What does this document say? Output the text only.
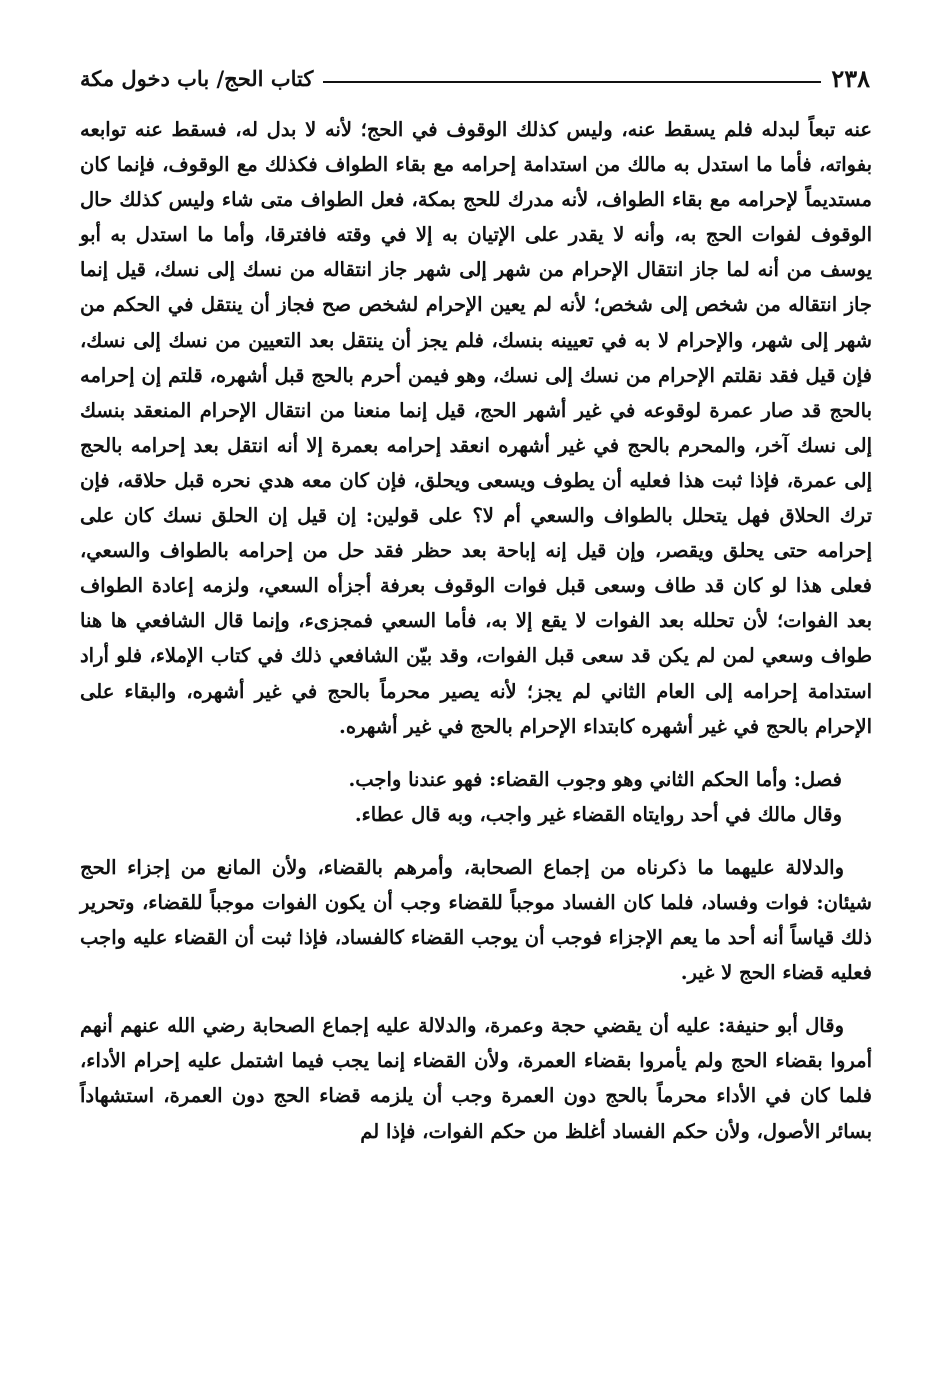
٢٣٨
كتاب الحج/ باب دخول مكة

عنه تبعاً لبدله فلم يسقط عنه، وليس كذلك الوقوف في الحج؛ لأنه لا بدل له، فسقط عنه توابعه بفواته، فأما ما استدل به مالك من استدامة إحرامه مع بقاء الطواف فكذلك مع الوقوف، فإنما كان مستديماً لإحرامه مع بقاء الطواف، لأنه مدرك للحج بمكة، فعل الطواف متى شاء وليس كذلك حال الوقوف لفوات الحج به، وأنه لا يقدر على الإتيان به إلا في وقته فافترقا، وأما ما استدل به أبو يوسف من أنه لما جاز انتقال الإحرام من شهر إلى شهر جاز انتقاله من نسك إلى نسك، قيل إنما جاز انتقاله من شخص إلى شخص؛ لأنه لم يعين الإحرام لشخص صح فجاز أن ينتقل في الحكم من شهر إلى شهر، والإحرام لا به في تعيينه بنسك، فلم يجز أن ينتقل بعد التعيين من نسك إلى نسك، فإن قيل فقد نقلتم الإحرام من نسك إلى نسك، وهو فيمن أحرم بالحج قبل أشهره، قلتم إن إحرامه بالحج قد صار عمرة لوقوعه في غير أشهر الحج، قيل إنما منعنا من انتقال الإحرام المنعقد بنسك إلى نسك آخر، والمحرم بالحج في غير أشهره انعقد إحرامه بعمرة إلا أنه انتقل بعد إحرامه بالحج إلى عمرة، فإذا ثبت هذا فعليه أن يطوف ويسعى ويحلق، فإن كان معه هدي نحره قبل حلاقه، فإن ترك الحلاق فهل يتحلل بالطواف والسعي أم لا؟ على قولين: إن قيل إن الحلق نسك كان على إحرامه حتى يحلق ويقصر، وإن قيل إنه إباحة بعد حظر فقد حل من إحرامه بالطواف والسعي، فعلى هذا لو كان قد طاف وسعى قبل فوات الوقوف بعرفة أجزأه السعي، ولزمه إعادة الطواف بعد الفوات؛ لأن تحلله بعد الفوات لا يقع إلا به، فأما السعي فمجزىء، وإنما قال الشافعي ها هنا طواف وسعي لمن لم يكن قد سعى قبل الفوات، وقد بيّن الشافعي ذلك في كتاب الإملاء، فلو أراد استدامة إحرامه إلى العام الثاني لم يجز؛ لأنه يصير محرماً بالحج في غير أشهره، والبقاء على الإحرام بالحج في غير أشهره كابتداء الإحرام بالحج في غير أشهره.

فصل: وأما الحكم الثاني وهو وجوب القضاء: فهو عندنا واجب.

وقال مالك في أحد روايتاه القضاء غير واجب، وبه قال عطاء.

والدلالة عليهما ما ذكرناه من إجماع الصحابة، وأمرهم بالقضاء، ولأن المانع من إجزاء الحج شيئان: فوات وفساد، فلما كان الفساد موجباً للقضاء وجب أن يكون الفوات موجباً للقضاء، وتحرير ذلك قياساً أنه أحد ما يعم الإجزاء فوجب أن يوجب القضاء كالفساد، فإذا ثبت أن القضاء عليه واجب فعليه قضاء الحج لا غير.

وقال أبو حنيفة: عليه أن يقضي حجة وعمرة، والدلالة عليه إجماع الصحابة رضي الله عنهم أنهم أمروا بقضاء الحج ولم يأمروا بقضاء العمرة، ولأن القضاء إنما يجب فيما اشتمل عليه إحرام الأداء، فلما كان في الأداء محرماً بالحج دون العمرة وجب أن يلزمه قضاء الحج دون العمرة، استشهاداً بسائر الأصول، ولأن حكم الفساد أغلظ من حكم الفوات، فإذا لم
